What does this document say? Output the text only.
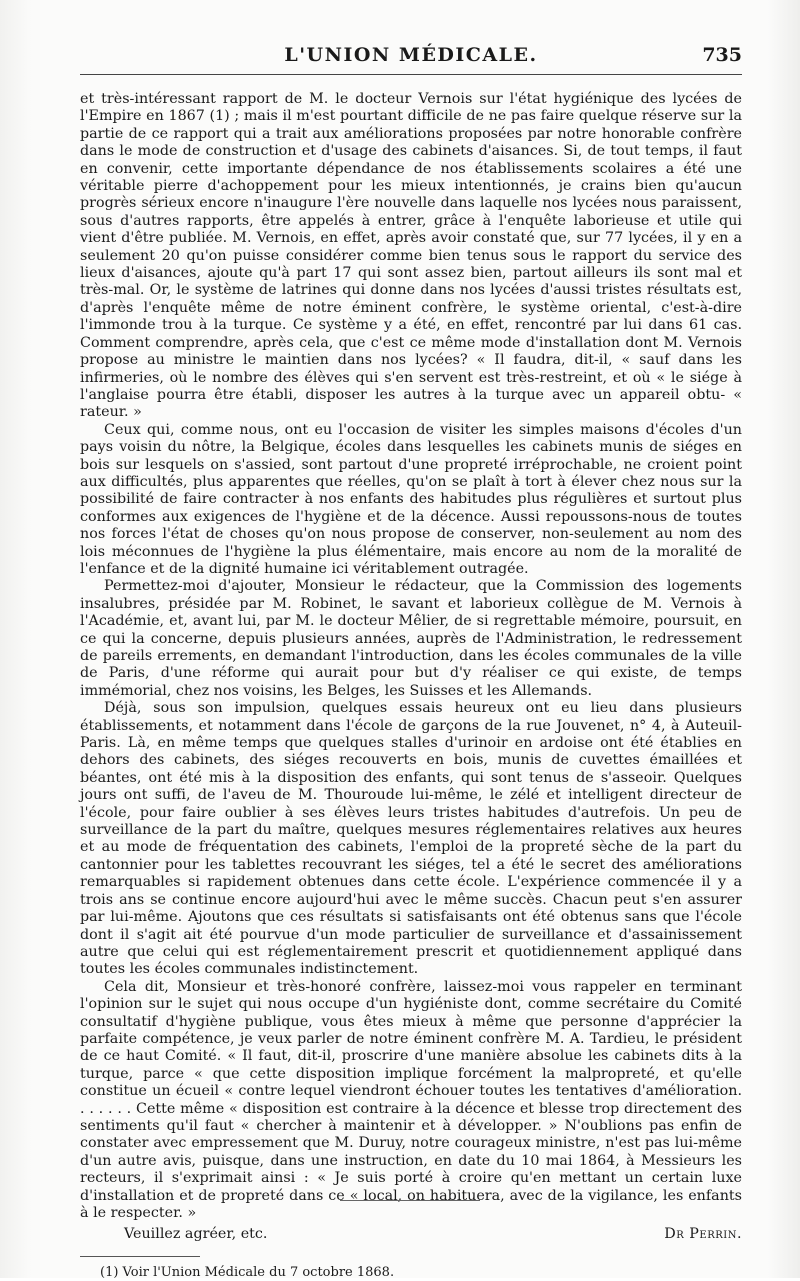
L'UNION MÉDICALE.	735

et très-intéressant rapport de M. le docteur Vernois sur l'état hygiénique des lycées de l'Empire en 1867 (1) ; mais il m'est pourtant difficile de ne pas faire quelque réserve sur la partie de ce rapport qui a trait aux améliorations proposées par notre honorable confrère dans le mode de construction et d'usage des cabinets d'aisances. Si, de tout temps, il faut en convenir, cette importante dépendance de nos établissements scolaires a été une véritable pierre d'achoppement pour les mieux intentionnés, je crains bien qu'aucun progrès sérieux encore n'inaugure l'ère nouvelle dans laquelle nos lycées nous paraissent, sous d'autres rapports, être appelés à entrer, grâce à l'enquête laborieuse et utile qui vient d'être publiée. M. Vernois, en effet, après avoir constaté que, sur 77 lycées, il y en a seulement 20 qu'on puisse considérer comme bien tenus sous le rapport du service des lieux d'aisances, ajoute qu'à part 17 qui sont assez bien, partout ailleurs ils sont mal et très-mal. Or, le système de latrines qui donne dans nos lycées d'aussi tristes résultats est, d'après l'enquête même de notre éminent confrère, le système oriental, c'est-à-dire l'immonde trou à la turque. Ce système y a été, en effet, rencontré par lui dans 61 cas. Comment comprendre, après cela, que c'est ce même mode d'installation dont M. Vernois propose au ministre le maintien dans nos lycées? « Il faudra, dit-il, « sauf dans les infirmeries, où le nombre des élèves qui s'en servent est très-restreint, et où « le siége à l'anglaise pourra être établi, disposer les autres à la turque avec un appareil obtu- « rateur. »

Ceux qui, comme nous, ont eu l'occasion de visiter les simples maisons d'écoles d'un pays voisin du nôtre, la Belgique, écoles dans lesquelles les cabinets munis de siéges en bois sur lesquels on s'assied, sont partout d'une propreté irréprochable, ne croient point aux difficultés, plus apparentes que réelles, qu'on se plaît à tort à élever chez nous sur la possibilité de faire contracter à nos enfants des habitudes plus régulières et surtout plus conformes aux exigences de l'hygiène et de la décence. Aussi repoussons-nous de toutes nos forces l'état de choses qu'on nous propose de conserver, non-seulement au nom des lois méconnues de l'hygiène la plus élémentaire, mais encore au nom de la moralité de l'enfance et de la dignité humaine ici véritablement outragée.

Permettez-moi d'ajouter, Monsieur le rédacteur, que la Commission des logements insalubres, présidée par M. Robinet, le savant et laborieux collègue de M. Vernois à l'Académie, et, avant lui, par M. le docteur Mêlier, de si regrettable mémoire, poursuit, en ce qui la concerne, depuis plusieurs années, auprès de l'Administration, le redressement de pareils errements, en demandant l'introduction, dans les écoles communales de la ville de Paris, d'une réforme qui aurait pour but d'y réaliser ce qui existe, de temps immémorial, chez nos voisins, les Belges, les Suisses et les Allemands.

Déjà, sous son impulsion, quelques essais heureux ont eu lieu dans plusieurs établissements, et notamment dans l'école de garçons de la rue Jouvenet, n° 4, à Auteuil-Paris. Là, en même temps que quelques stalles d'urinoir en ardoise ont été établies en dehors des cabinets, des siéges recouverts en bois, munis de cuvettes émaillées et béantes, ont été mis à la disposition des enfants, qui sont tenus de s'asseoir. Quelques jours ont suffi, de l'aveu de M. Thouroude lui-même, le zélé et intelligent directeur de l'école, pour faire oublier à ses élèves leurs tristes habitudes d'autrefois. Un peu de surveillance de la part du maître, quelques mesures réglementaires relatives aux heures et au mode de fréquentation des cabinets, l'emploi de la propreté sèche de la part du cantonnier pour les tablettes recouvrant les siéges, tel a été le secret des améliorations remarquables si rapidement obtenues dans cette école. L'expérience commencée il y a trois ans se continue encore aujourd'hui avec le même succès. Chacun peut s'en assurer par lui-même. Ajoutons que ces résultats si satisfaisants ont été obtenus sans que l'école dont il s'agit ait été pourvue d'un mode particulier de surveillance et d'assainissement autre que celui qui est réglementairement prescrit et quotidiennement appliqué dans toutes les écoles communales indistinctement.

Cela dit, Monsieur et très-honoré confrère, laissez-moi vous rappeler en terminant l'opinion sur le sujet qui nous occupe d'un hygiéniste dont, comme secrétaire du Comité consultatif d'hygiène publique, vous êtes mieux à même que personne d'apprécier la parfaite compétence, je veux parler de notre éminent confrère M. A. Tardieu, le président de ce haut Comité. « Il faut, dit-il, proscrire d'une manière absolue les cabinets dits à la turque, parce « que cette disposition implique forcément la malpropreté, et qu'elle constitue un écueil « contre lequel viendront échouer toutes les tentatives d'amélioration. . . . . . . Cette même « disposition est contraire à la décence et blesse trop directement des sentiments qu'il faut « chercher à maintenir et à développer. » N'oublions pas enfin de constater avec empressement que M. Duruy, notre courageux ministre, n'est pas lui-même d'un autre avis, puisque, dans une instruction, en date du 10 mai 1864, à Messieurs les recteurs, il s'exprimait ainsi : « Je suis porté à croire qu'en mettant un certain luxe d'installation et de propreté dans ce « local, on habituera, avec de la vigilance, les enfants à le respecter. »

Veuillez agréer, etc.	Dr Perrin.
(1) Voir l'Union Médicale du 7 octobre 1868.
